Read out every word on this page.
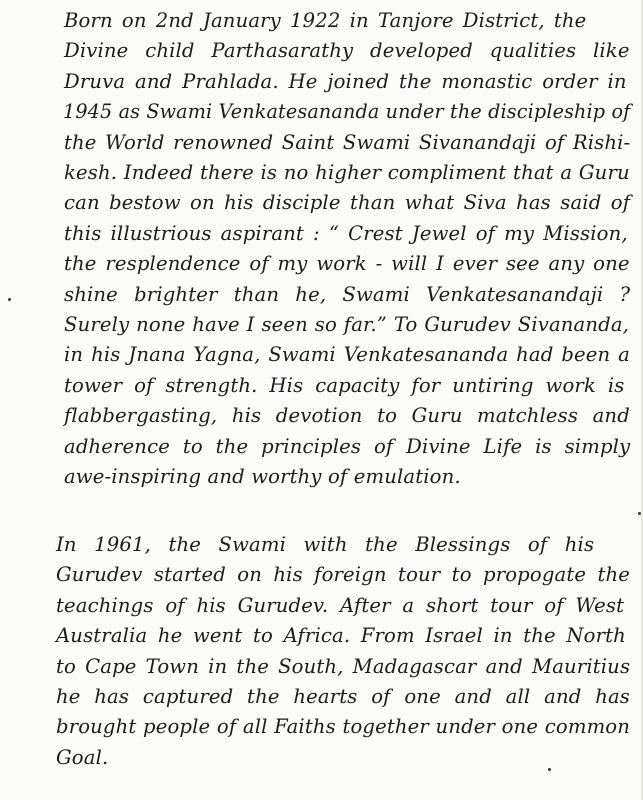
Born on 2nd January 1922 in Tanjore District, the
Divine child Parthasarathy developed qualities like
Druva and Prahlada. He joined the monastic order in
1945 as Swami Venkatesananda under the discipleship of
the World renowned Saint Swami Sivanandaji of Rishi-
kesh. Indeed there is no higher compliment that a Guru
can bestow on his disciple than what Siva has said of
this illustrious aspirant : “ Crest Jewel of my Mission,
the resplendence of my work - will I ever see any one
shine brighter than he, Swami Venkatesanandaji ?
Surely none have I seen so far.” To Gurudev Sivananda,
in his Jnana Yagna, Swami Venkatesananda had been a
tower of strength. His capacity for untiring work is
flabbergasting, his devotion to Guru matchless and
adherence to the principles of Divine Life is simply
awe-inspiring and worthy of emulation.
In 1961, the Swami with the Blessings of his
Gurudev started on his foreign tour to propogate the
teachings of his Gurudev. After a short tour of West
Australia he went to Africa. From Israel in the North
to Cape Town in the South, Madagascar and Mauritius
he has captured the hearts of one and all and has
brought people of all Faiths together under one common
Goal.
